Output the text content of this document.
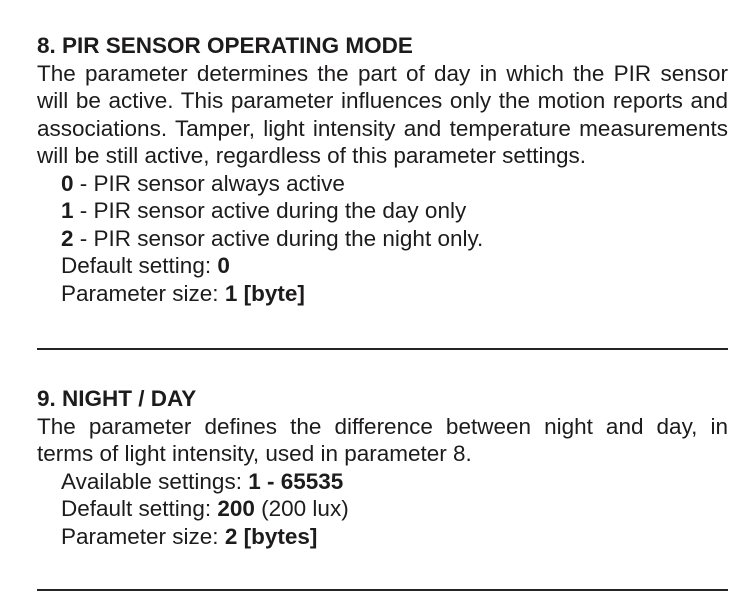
8. PIR SENSOR OPERATING MODE
The parameter determines the part of day in which the PIR sensor
will be active. This parameter influences only the motion reports and
associations. Tamper, light intensity and temperature measurements
will be still active, regardless of this parameter settings.
0 - PIR sensor always active
1 - PIR sensor active during the day only
2 - PIR sensor active during the night only.
Default setting: 0
Parameter size: 1 [byte]
9. NIGHT / DAY
The parameter defines the difference between night and day, in
terms of light intensity, used in parameter 8.
Available settings: 1 - 65535
Default setting: 200 (200 lux)
Parameter size: 2 [bytes]
